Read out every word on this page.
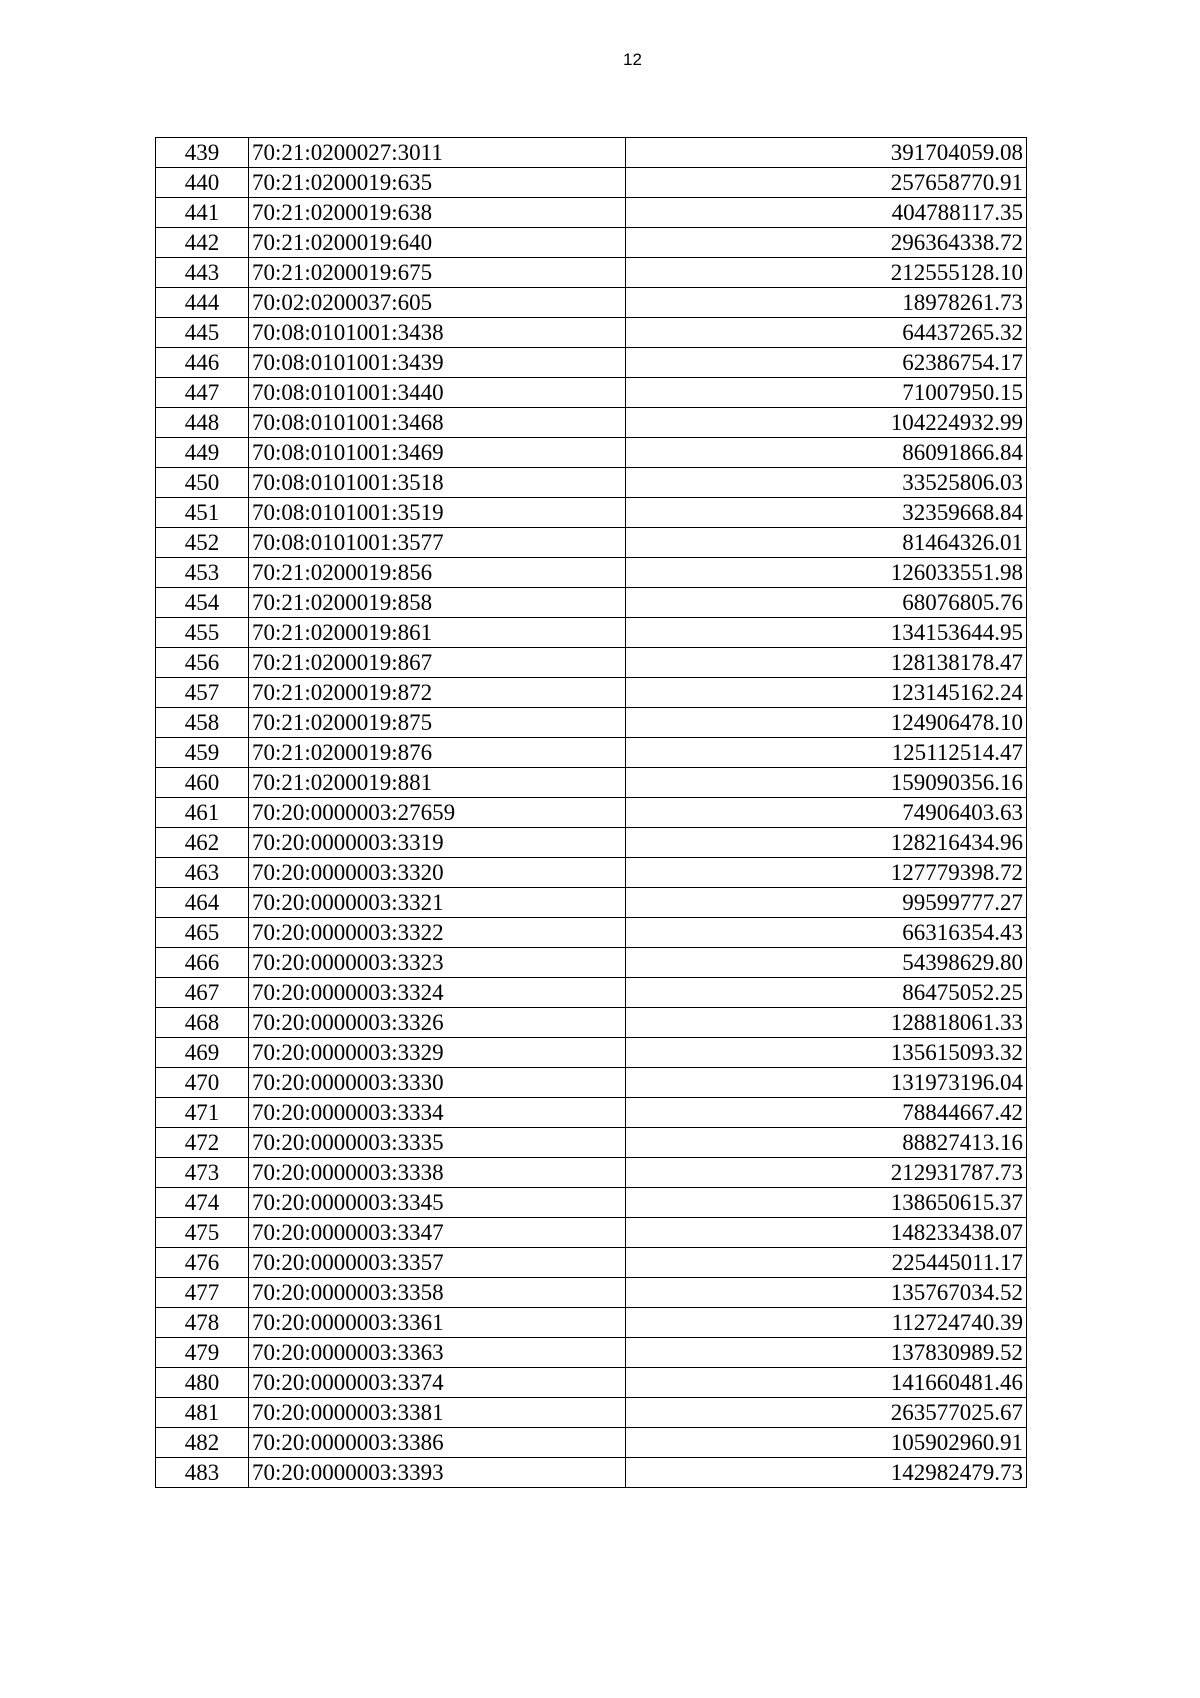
12
439	70:21:0200027:3011	391704059.08
440	70:21:0200019:635	257658770.91
441	70:21:0200019:638	404788117.35
442	70:21:0200019:640	296364338.72
443	70:21:0200019:675	212555128.10
444	70:02:0200037:605	18978261.73
445	70:08:0101001:3438	64437265.32
446	70:08:0101001:3439	62386754.17
447	70:08:0101001:3440	71007950.15
448	70:08:0101001:3468	104224932.99
449	70:08:0101001:3469	86091866.84
450	70:08:0101001:3518	33525806.03
451	70:08:0101001:3519	32359668.84
452	70:08:0101001:3577	81464326.01
453	70:21:0200019:856	126033551.98
454	70:21:0200019:858	68076805.76
455	70:21:0200019:861	134153644.95
456	70:21:0200019:867	128138178.47
457	70:21:0200019:872	123145162.24
458	70:21:0200019:875	124906478.10
459	70:21:0200019:876	125112514.47
460	70:21:0200019:881	159090356.16
461	70:20:0000003:27659	74906403.63
462	70:20:0000003:3319	128216434.96
463	70:20:0000003:3320	127779398.72
464	70:20:0000003:3321	99599777.27
465	70:20:0000003:3322	66316354.43
466	70:20:0000003:3323	54398629.80
467	70:20:0000003:3324	86475052.25
468	70:20:0000003:3326	128818061.33
469	70:20:0000003:3329	135615093.32
470	70:20:0000003:3330	131973196.04
471	70:20:0000003:3334	78844667.42
472	70:20:0000003:3335	88827413.16
473	70:20:0000003:3338	212931787.73
474	70:20:0000003:3345	138650615.37
475	70:20:0000003:3347	148233438.07
476	70:20:0000003:3357	225445011.17
477	70:20:0000003:3358	135767034.52
478	70:20:0000003:3361	112724740.39
479	70:20:0000003:3363	137830989.52
480	70:20:0000003:3374	141660481.46
481	70:20:0000003:3381	263577025.67
482	70:20:0000003:3386	105902960.91
483	70:20:0000003:3393	142982479.73
